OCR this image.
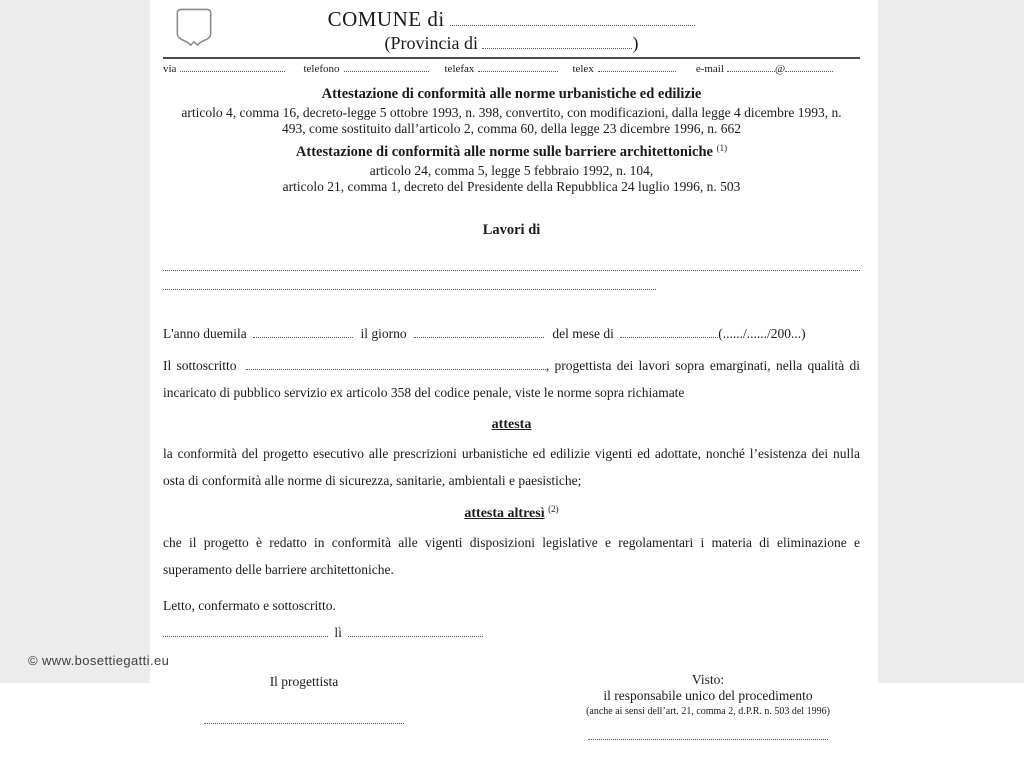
COMUNE di
(Provincia di	)
via	telefono	telefax	telex	e-mail	@
Attestazione di conformità alle norme urbanistiche ed edilizie
articolo 4, comma 16, decreto-legge 5 ottobre 1993, n. 398, convertito, con modificazioni, dalla legge 4 dicembre 1993, n.
493, come sostituito dall’articolo 2, comma 60, della legge 23 dicembre 1996, n. 662
Attestazione di conformità alle norme sulle barriere architettoniche $^{(1)}$
articolo 24, comma 5, legge 5 febbraio 1992, n. 104,
articolo 21, comma 1, decreto del Presidente della Repubblica 24 luglio 1996, n. 503
Lavori di
L'anno duemila	il giorno	del mese di	(....../....../200...)
Il sottoscritto	, progettista dei lavori sopra emarginati, nella qualità di incaricato di pubblico servizio ex articolo 358 del codice penale, viste le norme sopra richiamate
attesta
la conformità del progetto esecutivo alle prescrizioni urbanistiche ed edilizie vigenti ed adottate, nonché l’esistenza dei nulla osta di conformità alle norme di sicurezza, sanitarie, ambientali e paesistiche;
attesta altresì $^{(2)}$
che il progetto è redatto in conformità alle vigenti disposizioni legislative e regolamentari i materia di eliminazione e superamento delle barriere architettoniche.
Letto, confermato e sottoscritto.
lì
Il progettista	Visto:
il responsabile unico del procedimento
(anche ai sensi dell’art. 21, comma 2, d.P.R. n. 503 del 1996)
© www.bosettiegatti.eu
